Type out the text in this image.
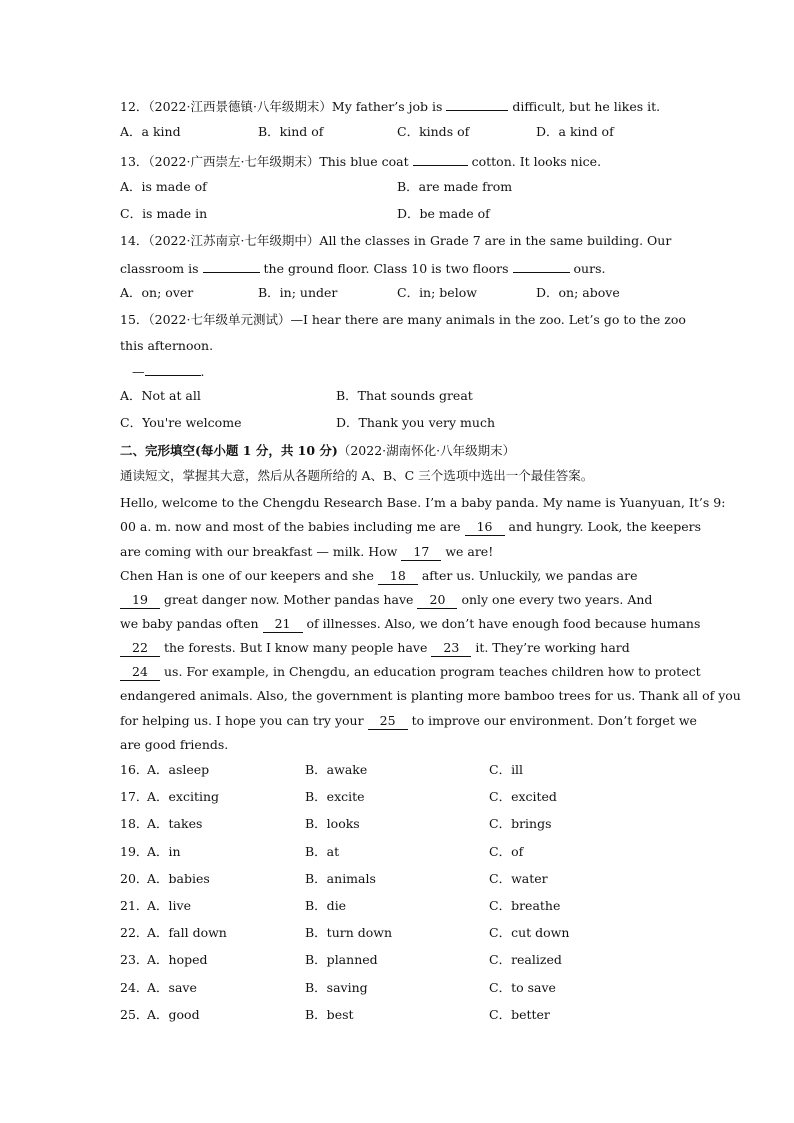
12．（2022·江西景德镇·八年级期末）My father’s job is	difficult, but he likes it.
A．a kind	B．kind of	C．kinds of	D．a kind of
13．（2022·广西崇左·七年级期末）This blue coat	cotton. It looks nice.
A．is made of	B．are made from
C．is made in	D．be made of
14．（2022·江苏南京·七年级期中）All the classes in Grade 7 are in the same building. Our
classroom is	the ground floor. Class 10 is two floors	ours.
A．on; over	B．in; under	C．in; below	D．on; above
15．（2022·七年级单元测试）—I hear there are many animals in the zoo. Let’s go to the zoo
this afternoon.
—	.
A．Not at all	B．That sounds great
C．You're welcome	D．Thank you very much
二、完形填空(每小题 1 分，共 10 分)（2022·湖南怀化·八年级期末）
通读短文，掌握其大意，然后从各题所给的 A、B、C 三个选项中选出一个最佳答案。
Hello, welcome to the Chengdu Research Base. I’m a baby panda. My name is Yuanyuan, It’s 9:
00 a. m. now and most of the babies including me are 16 and hungry. Look, the keepers
are coming with our breakfast — milk. How 17 we are!
Chen Han is one of our keepers and she 18 after us. Unluckily, we pandas are
19 great danger now. Mother pandas have 20 only one every two years. And
we baby pandas often 21 of illnesses. Also, we don’t have enough food because humans
22 the forests. But I know many people have 23 it. They’re working hard
24 us. For example, in Chengdu, an education program teaches children how to protect
endangered animals. Also, the government is planting more bamboo trees for us. Thank all of you
for helping us. I hope you can try your 25 to improve our environment. Don’t forget we
are good friends.
16．
A．asleep	B．awake	C．ill
17．
A．exciting	B．excite	C．excited
18．
A．takes	B．looks	C．brings
19．
A．in	B．at	C．of
20．
A．babies	B．animals	C．water
21．
A．live	B．die	C．breathe
22．
A．fall down	B．turn down	C．cut down
23．
A．hoped	B．planned	C．realized
24．
A．save	B．saving	C．to save
25．
A．good	B．best	C．better
